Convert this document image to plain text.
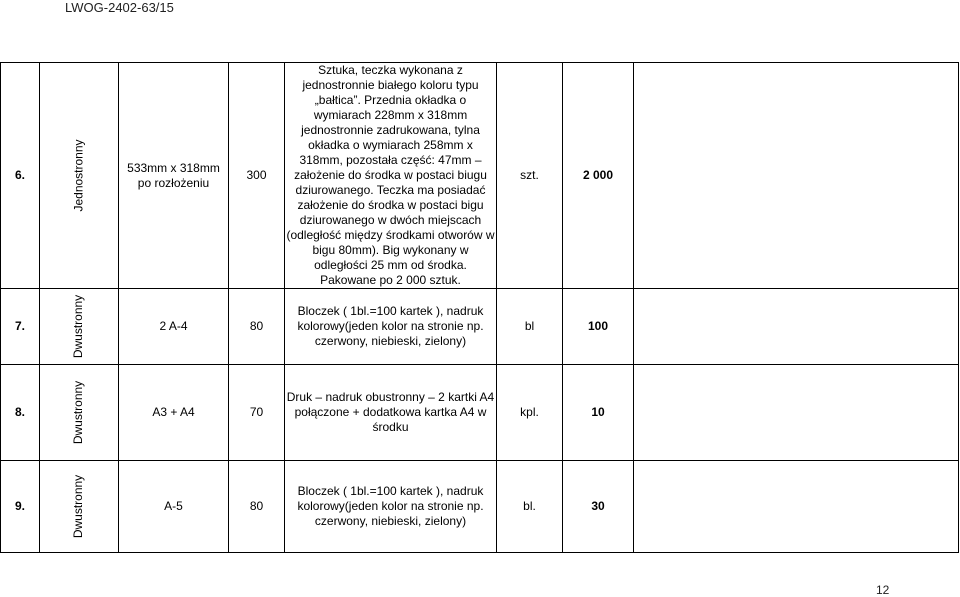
LWOG-2402-63/15
6.	Jednostronny	533mm x 318mm po rozłożeniu	300	Sztuka, teczka wykonana z jednostronnie białego koloru typu „bałtica”. Przednia okładka o wymiarach 228mm x 318mm jednostronnie zadrukowana, tylna okładka o wymiarach 258mm x 318mm, pozostała część: 47mm – założenie do środka w postaci biugu dziurowanego. Teczka ma posiadać założenie do środka w postaci bigu dziurowanego w dwóch miejscach (odległość między środkami otworów w bigu 80mm). Big wykonany w odległości 25 mm od środka. Pakowane po 2 000 sztuk.	szt.	2 000	
7.	Dwustronny	2 A-4	80	Bloczek ( 1bl.=100 kartek ), nadruk kolorowy(jeden kolor na stronie np. czerwony, niebieski, zielony)	bl	100	
8.	Dwustronny	A3 + A4	70	Druk – nadruk obustronny – 2 kartki A4 połączone + dodatkowa kartka A4 w środku	kpl.	10	
9.	Dwustronny	A-5	80	Bloczek ( 1bl.=100 kartek ), nadruk kolorowy(jeden kolor na stronie np. czerwony, niebieski, zielony)	bl.	30	
12
